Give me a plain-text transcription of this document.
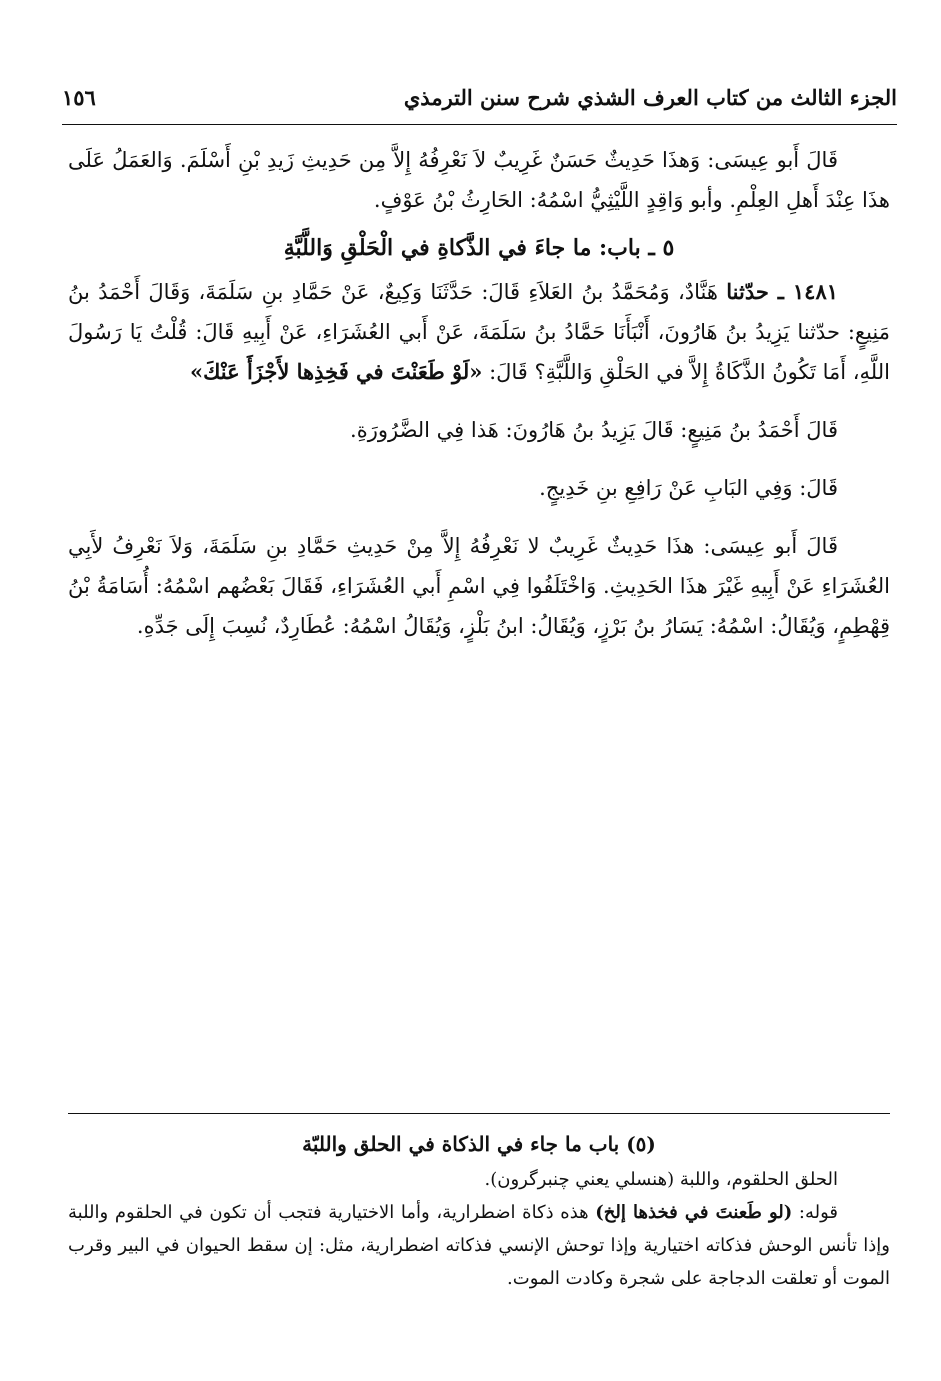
الجزء الثالث من كتاب العرف الشذي شرح سنن الترمذي
١٥٦

قَالَ أَبو عِيسَى: وَهذَا حَدِيثٌ حَسَنٌ غَرِيبٌ لاَ نَعْرِفُهُ إِلاَّ مِن حَدِيثِ زَيدِ بْنِ أَسْلَمَ. وَالعَمَلُ عَلَى هذَا عِنْدَ أَهلِ العِلْمِ. وأبو وَاقِدٍ اللَّيْثِيُّ اسْمُهُ: الحَارِثُ بْنُ عَوْفٍ.

٥ ـ باب: ما جاءَ في الذَّكاةِ في الْحَلْقِ وَاللَّبَّةِ

١٤٨١ ـ حدّثنا هَنَّادٌ، وَمُحَمَّدُ بنُ العَلاَءِ قَالَ: حَدَّثَنَا وَكِيعٌ، عَنْ حَمَّادِ بنِ سَلَمَةَ، وَقَالَ أَحْمَدُ بنُ مَنِيعٍ: حدّثنا يَزِيدُ بنُ هَارُونَ، أَنْبَأَنَا حَمَّادُ بنُ سَلَمَةَ، عَنْ أَبي العُشَرَاءِ، عَنْ أَبِيهِ قَالَ: قُلْتُ يَا رَسُولَ اللَّهِ، أَمَا تَكُونُ الذَّكَاةُ إِلاَّ في الحَلْقِ وَاللَّبَّةِ؟ قَالَ: «لَوْ طَعَنْتَ في فَخِذِها لأَجْزَأَ عَنْكَ»

قَالَ أَحْمَدُ بنُ مَنِيعٍ: قَالَ يَزِيدُ بنُ هَارُونَ: هَذا فِي الضَّرُورَةِ.

قَالَ: وَفِي البَابِ عَنْ رَافِعِ بنِ خَدِيجٍ.

قَالَ أَبو عِيسَى: هذَا حَدِيثٌ غَرِيبٌ لا نَعْرِفُهُ إِلاَّ مِنْ حَدِيثِ حَمَّادِ بنِ سَلَمَةَ، وَلاَ نَعْرِفُ لأَبِي العُشَرَاءِ عَنْ أَبِيهِ غَيْرَ هذَا الحَدِيثِ. وَاخْتَلَفُوا فِي اسْمِ أَبي العُشَرَاءِ، فَقَالَ بَعْضُهم اسْمُهُ: أُسَامَةُ بْنُ قِهْطِمٍ، وَيُقَالُ: اسْمُهُ: يَسَارُ بنُ بَرْزٍ، وَيُقَالُ: ابنُ بَلْزٍ، وَيُقَالُ اسْمُهُ: عُطَارِدٌ، نُسِبَ إِلَى جَدِّهِ.

(٥) باب ما جاء في الذكاة في الحلق واللبّة

الحلق الحلقوم، واللبة (هنسلي يعني چنبرگرون).

قوله: (لو طَعنتَ في فخذها إلخ) هذه ذكاة اضطرارية، وأما الاختيارية فتجب أن تكون في الحلقوم واللبة وإذا تأنس الوحش فذكاته اختيارية وإذا توحش الإنسي فذكاته اضطرارية، مثل: إن سقط الحيوان في البير وقرب الموت أو تعلقت الدجاجة على شجرة وكادت الموت.
